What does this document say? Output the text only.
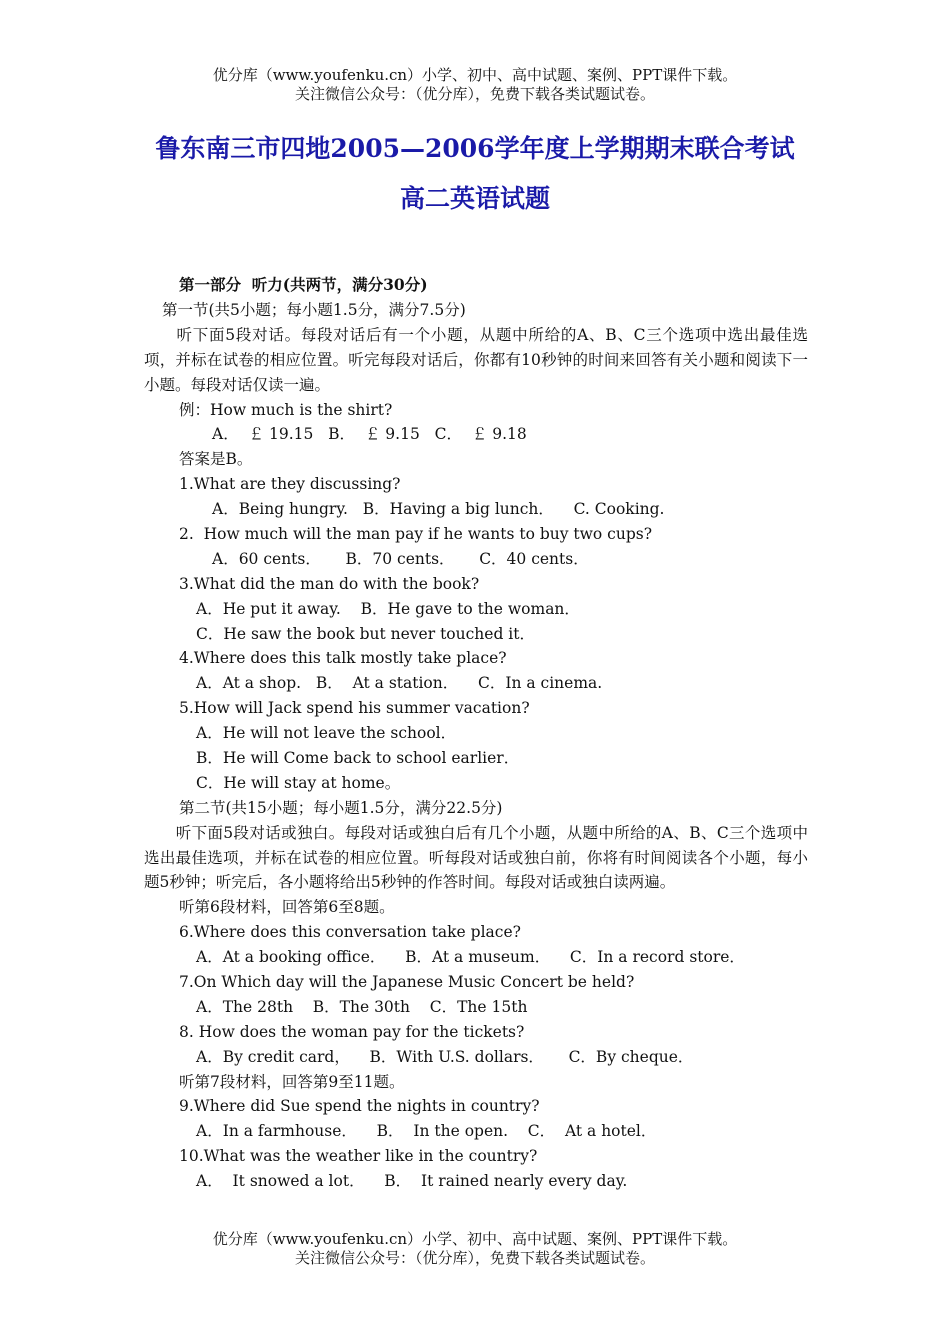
优分库（www.youfenku.cn）小学、初中、高中试题、案例、PPT课件下载。
关注微信公众号：（优分库），免费下载各类试题试卷。
鲁东南三市四地2005—2006学年度上学期期末联合考试
高二英语试题
第一部分  听力(共两节，满分30分)
第一节(共5小题；每小题1.5分，满分7.5分)
　　听下面5段对话。每段对话后有一个小题，从题中所给的A、B、C三个选项中选出最佳选项，并标在试卷的相应位置。听完每段对话后，你都有10秒钟的时间来回答有关小题和阅读下一小题。每段对话仅读一遍。
例：How much is the shirt?
A．  ￡ 19.15   B．  ￡ 9.15   C．  ￡ 9.18
答案是B。
1.What are they discussing?
A．Being hungry.   B．Having a big lunch．    C. Cooking.
2.  How much will the man pay if he wants to buy two cups?
A．60 cents．     B．70 cents．     C．40 cents．
3.What did the man do with the book?
A．He put it away.    B．He gave to the woman．
C．He saw the book but never touched it．
4.Where does this talk mostly take place?
A．At a shop.   B．  At a station．    C．In a cinema.
5.How will Jack spend his summer vacation?
A．He will not leave the school．
B．He will Come back to school earlier．
C．He will stay at home。
第二节(共15小题；每小题1.5分，满分22.5分)
　　听下面5段对话或独白。每段对话或独白后有几个小题，从题中所给的A、B、C三个选项中选出最佳选项，并标在试卷的相应位置。听每段对话或独白前，你将有时间阅读各个小题，每小题5秒钟；听完后，各小题将给出5秒钟的作答时间。每段对话或独白读两遍。
听第6段材料，回答第6至8题。
6.Where does this conversation take place?
A．At a booking office．    B．At a museum．    C．In a record store．
7.On Which day will the Japanese Music Concert be held?
A．The 28th    B．The 30th    C．The 15th
8. How does the woman pay for the tickets?
A．By credit card，    B．With U.S. dollars．     C．By cheque．
听第7段材料，回答第9至11题。
9.Where did Sue spend the nights in country?
A．In a farmhouse．    B．  In the open.    C．  At a hotel．
10.What was the weather like in the country?
A．  It snowed a lot．    B．  It rained nearly every day.
优分库（www.youfenku.cn）小学、初中、高中试题、案例、PPT课件下载。
关注微信公众号：（优分库），免费下载各类试题试卷。
